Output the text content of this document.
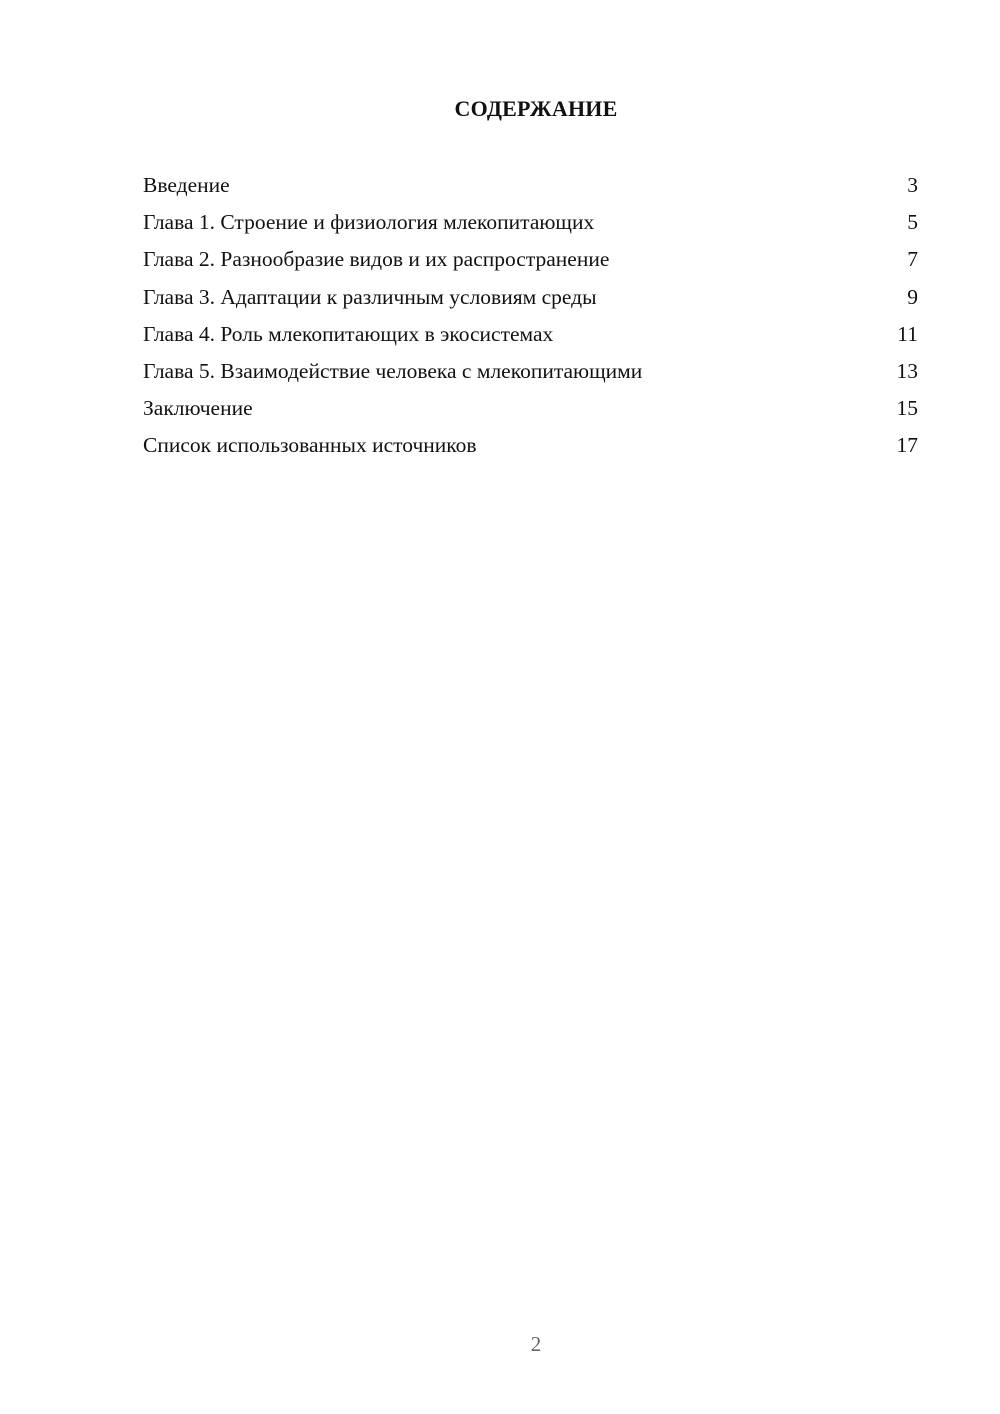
СОДЕРЖАНИЕ
Введение	3
Глава 1. Строение и физиология млекопитающих	5
Глава 2. Разнообразие видов и их распространение	7
Глава 3. Адаптации к различным условиям среды	9
Глава 4. Роль млекопитающих в экосистемах	11
Глава 5. Взаимодействие человека с млекопитающими	13
Заключение	15
Список использованных источников	17
2
